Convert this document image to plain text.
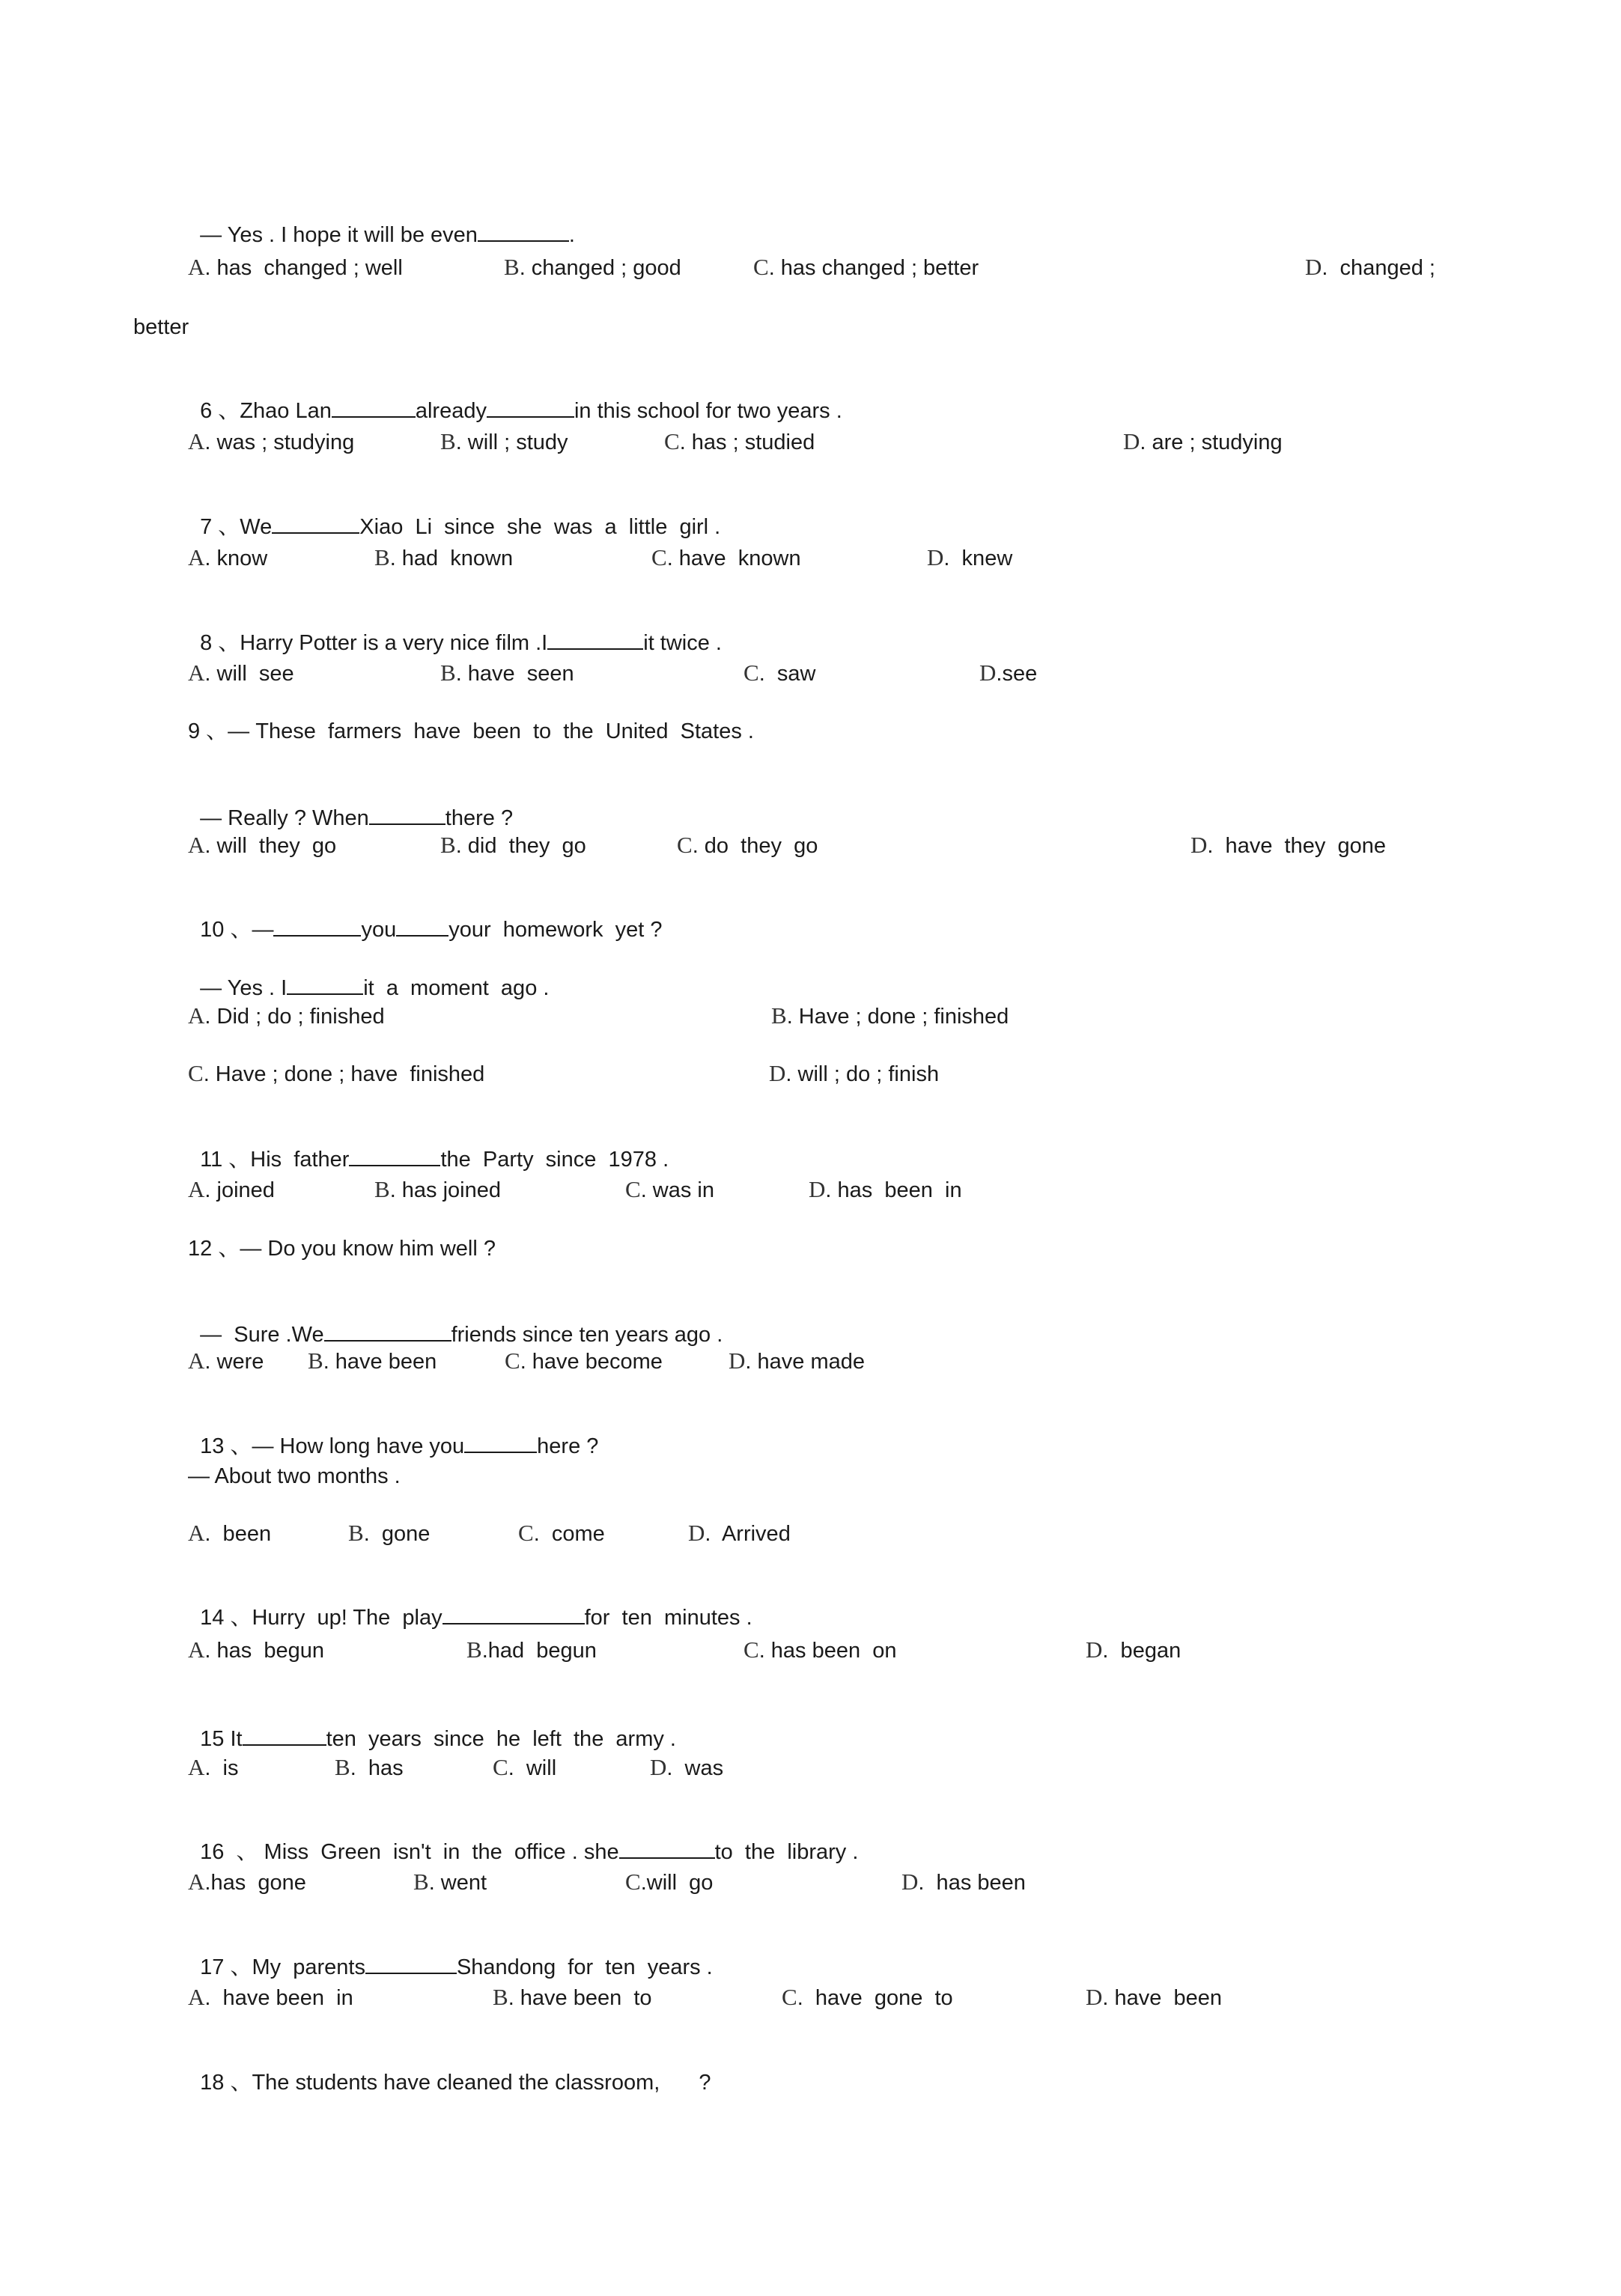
— Yes . I hope it will be even	.

A. has  changed ; well	B. changed ; good	C. has changed ; better	D.  changed ;
better

6 、Zhao Lan	already	in this school for two years .

A. was ; studying	B. will ; study	C. has ; studied	D. are ; studying

7 、We	Xiao  Li  since  she  was  a  little  girl .

A. know	B. had  known	C. have  known	D.  knew

8 、Harry Potter is a very nice film .I	it twice .

A. will  see	B. have  seen	C.  saw	D.see
9 、— These  farmers  have  been  to  the  United  States .

— Really ? When	there ?

A. will  they  go	B. did  they  go	C. do  they  go	D.  have  they  gone

10 、—	you your  homework  yet ?

— Yes . I	it  a  moment  ago .

A. Did ; do ; finished	B. Have ; done ; finished
C. Have ; done ; have  finished	D. will ; do ; finish

11 、His  father	the  Party  since  1978 .

A. joined	B. has joined	C. was in	D. has  been  in
12 、— Do you know him well ?

—  Sure .We	friends since ten years ago .

A. were B. have been	C. have become	D. have made

13 、— How long have you	here ?

— About two months .
A.  been	B.  gone	C.  come	D.  Arrived

14 、Hurry  up! The  play	for  ten  minutes .

A. has  begun	B.had  begun	C. has been  on	D.  began

15 It	ten  years  since  he  left  the  army .

A.  is	B.  has	C.  will	D.  was

16  、 Miss  Green  isn't  in  the  office . she	to  the  library .

A.has  gone	B. went	C.will  go	D.  has been

17 、My  parents	Shandong  for  ten  years .

A.  have been  in	B. have been  to	C.  have  gone  to	D. have  been

18 、The students have cleaned the classroom, ?
